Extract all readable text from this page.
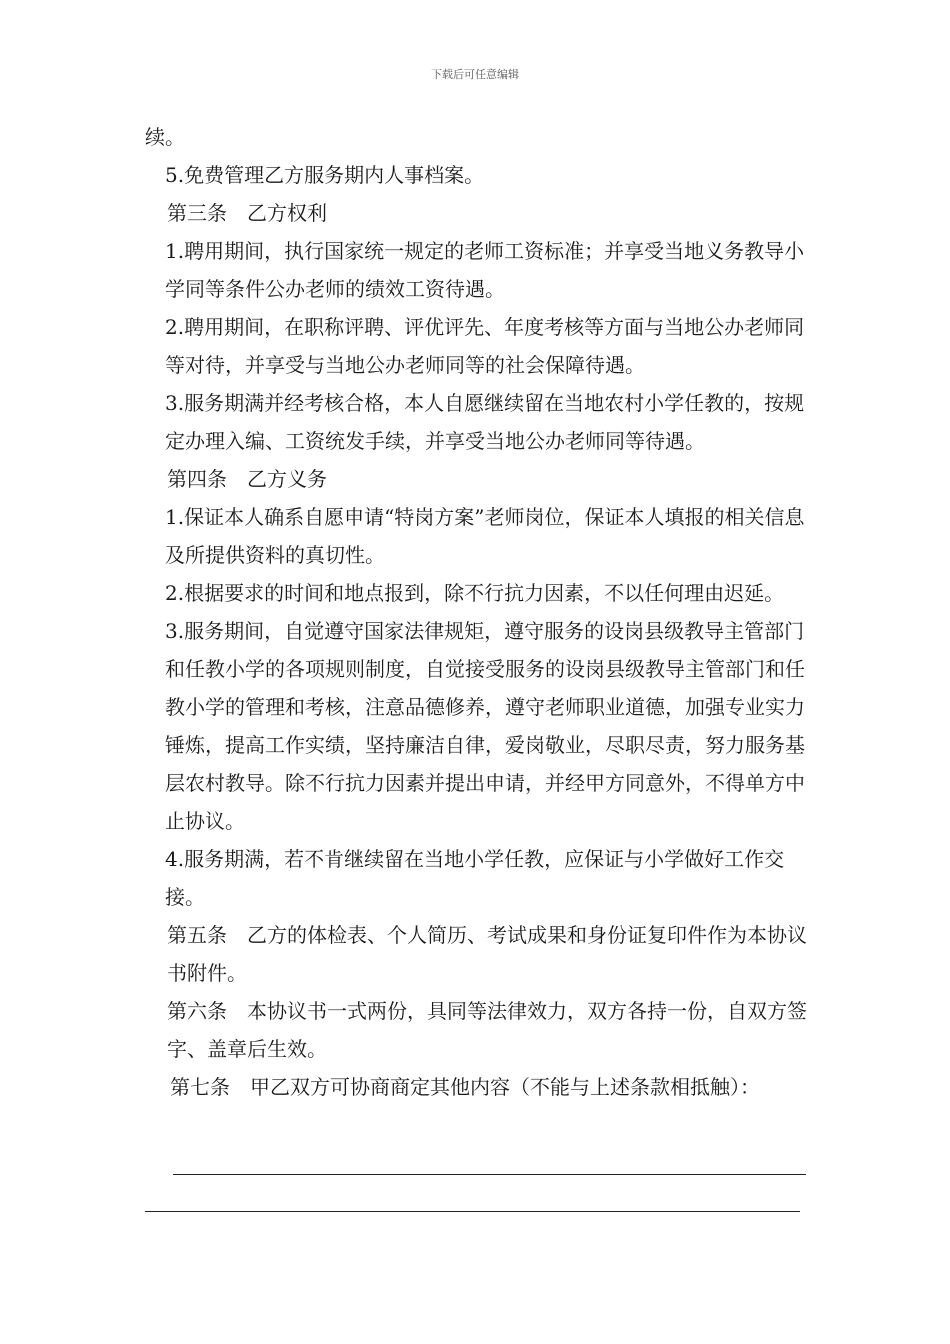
下载后可任意编辑

续。

5.免费管理乙方服务期内人事档案。

第三条　乙方权利

1.聘用期间，执行国家统一规定的老师工资标准；并享受当地义务教导小学同等条件公办老师的绩效工资待遇。

2.聘用期间，在职称评聘、评优评先、年度考核等方面与当地公办老师同等对待，并享受与当地公办老师同等的社会保障待遇。

3.服务期满并经考核合格，本人自愿继续留在当地农村小学任教的，按规定办理入编、工资统发手续，并享受当地公办老师同等待遇。

第四条　乙方义务

1.保证本人确系自愿申请“特岗方案”老师岗位，保证本人填报的相关信息及所提供资料的真切性。

2.根据要求的时间和地点报到，除不行抗力因素，不以任何理由迟延。

3.服务期间，自觉遵守国家法律规矩，遵守服务的设岗县级教导主管部门和任教小学的各项规则制度，自觉接受服务的设岗县级教导主管部门和任教小学的管理和考核，注意品德修养，遵守老师职业道德，加强专业实力锤炼，提高工作实绩，坚持廉洁自律，爱岗敬业，尽职尽责，努力服务基层农村教导。除不行抗力因素并提出申请，并经甲方同意外，不得单方中止协议。

4.服务期满，若不肯继续留在当地小学任教，应保证与小学做好工作交接。

第五条　乙方的体检表、个人简历、考试成果和身份证复印件作为本协议书附件。

第六条　本协议书一式两份，具同等法律效力，双方各持一份，自双方签字、盖章后生效。

第七条　甲乙双方可协商商定其他内容（不能与上述条款相抵触）：
